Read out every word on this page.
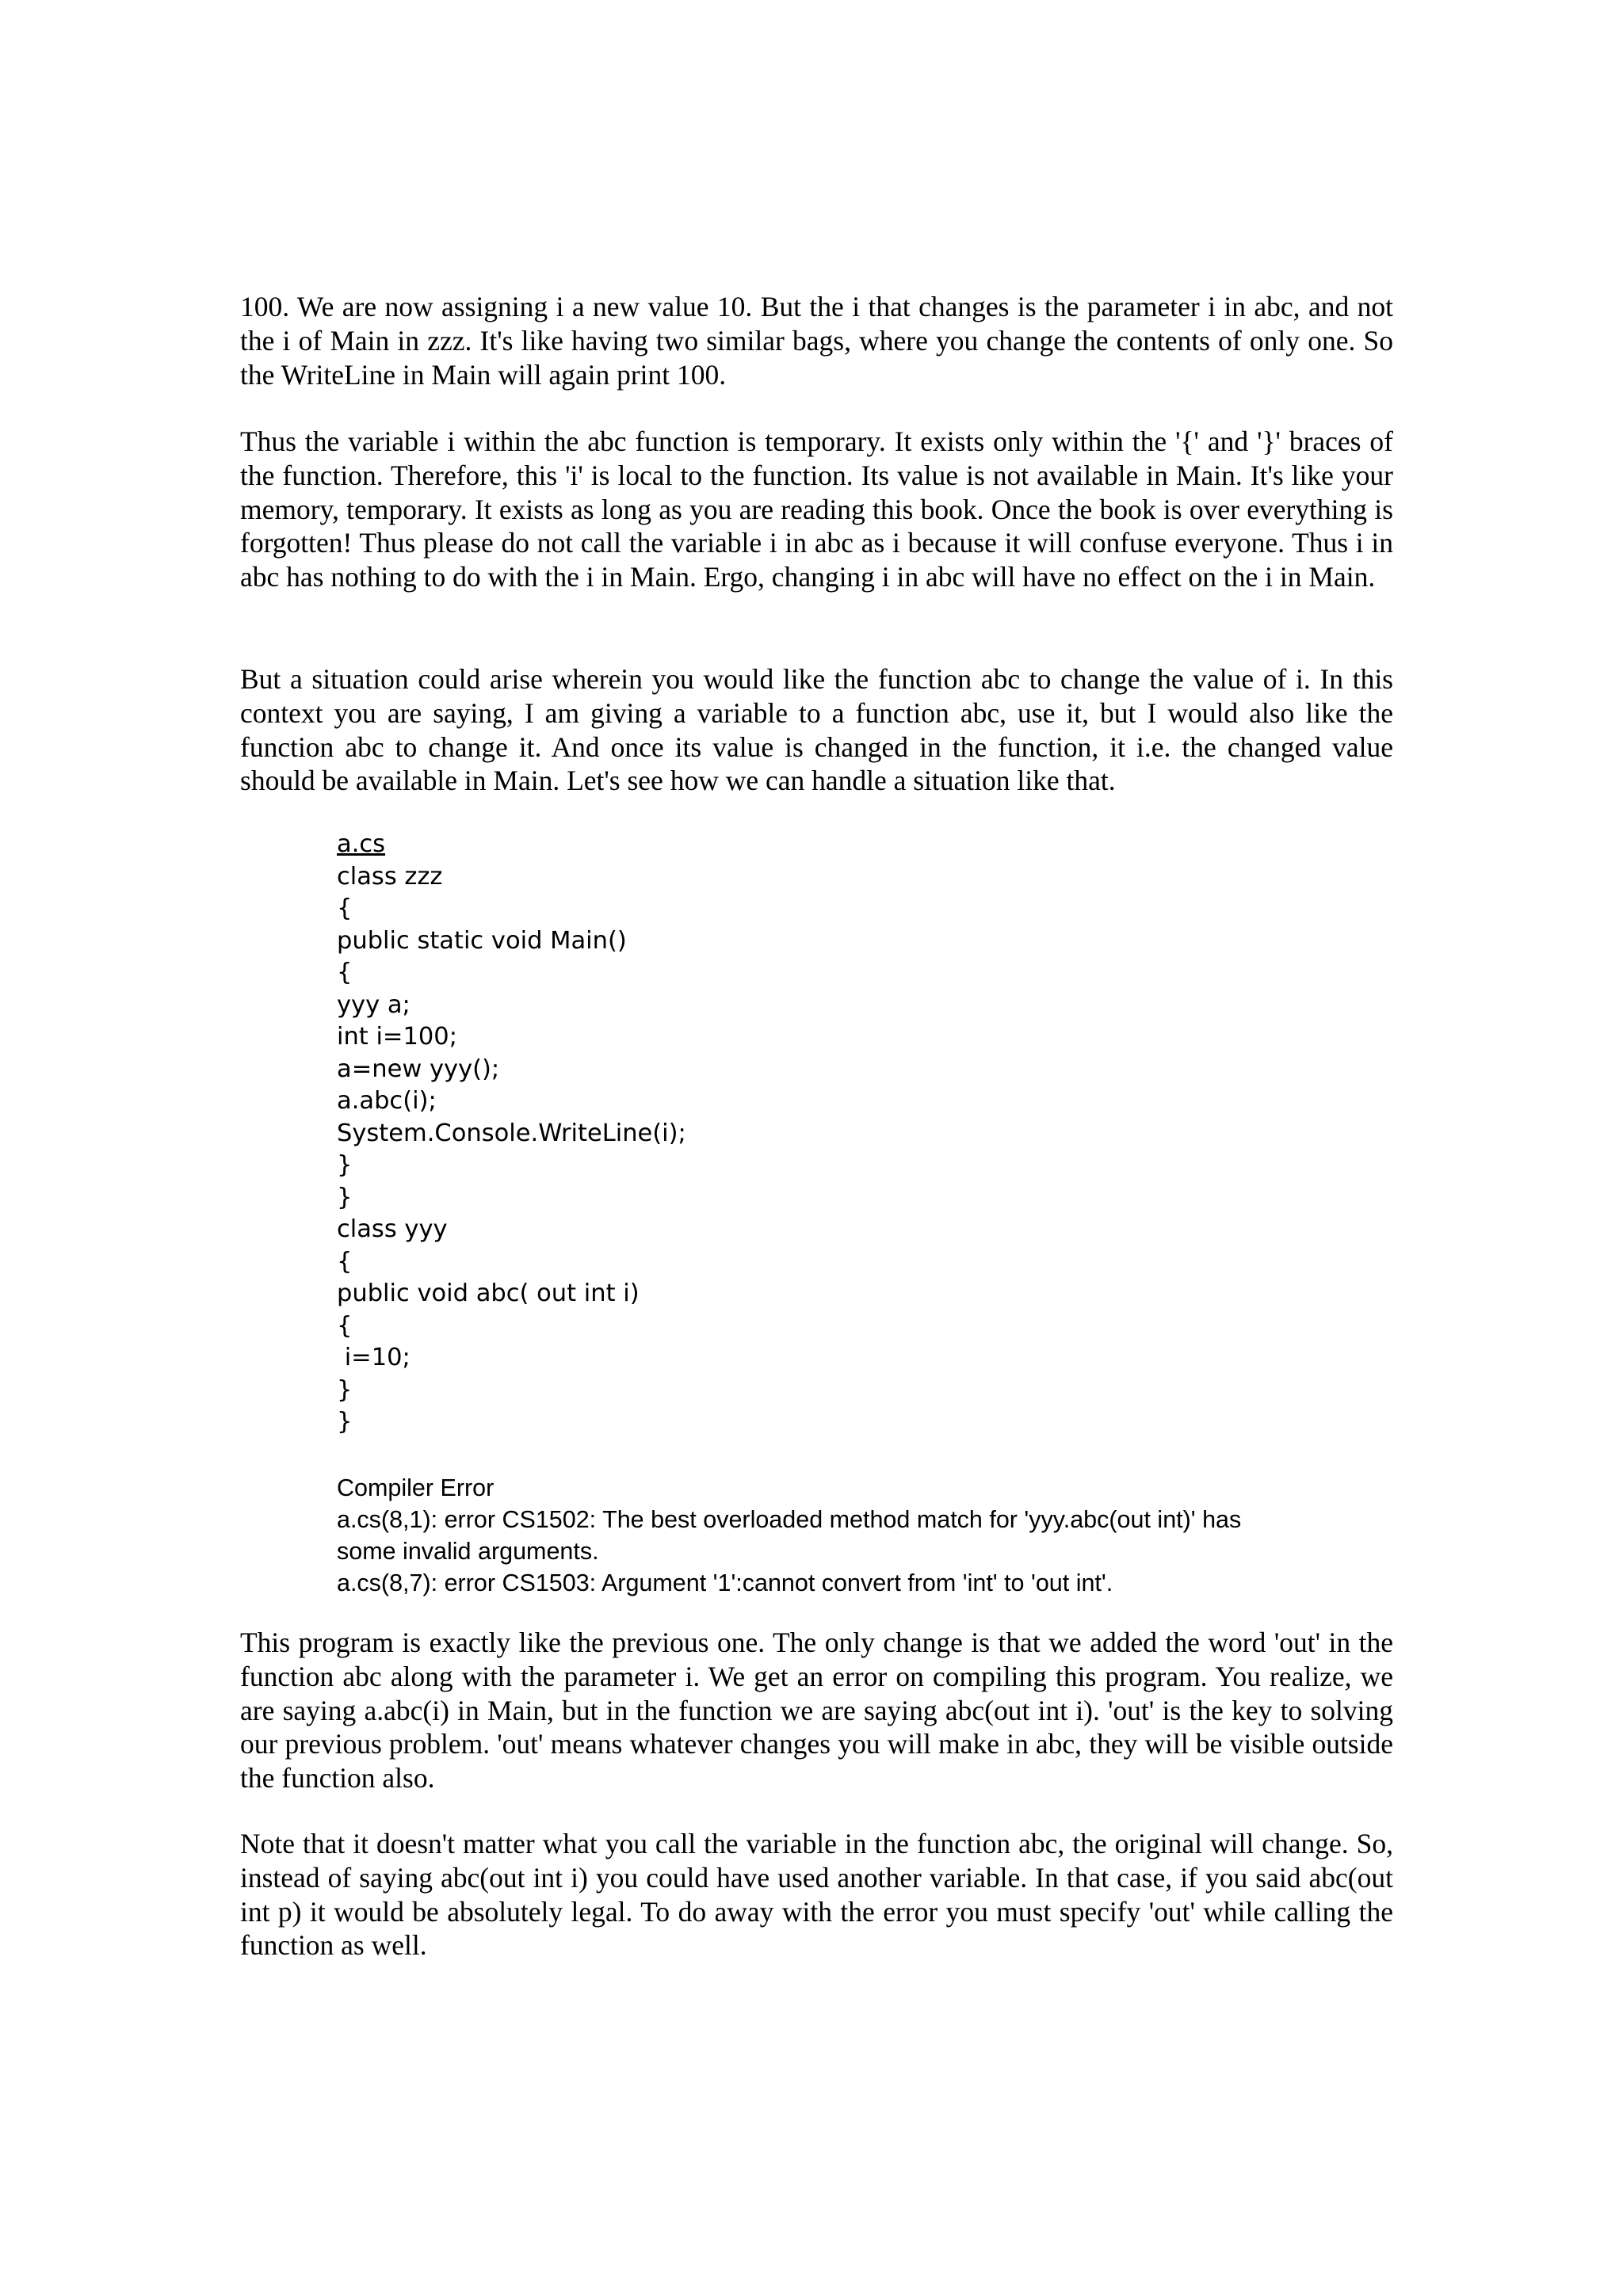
100. We are now assigning i a new value 10. But the i that changes is the parameter i in abc, and not the i of Main in zzz. It's like having two similar bags, where you change the contents of only one. So the WriteLine in Main will again print 100.

Thus the variable i within the abc function is temporary. It exists only within the '{' and '}' braces of the function. Therefore, this 'i' is local to the function. Its value is not available in Main. It's like your memory, temporary. It exists as long as you are reading this book. Once the book is over everything is forgotten! Thus please do not call the variable i in abc as i because it will confuse everyone. Thus i in abc has nothing to do with the i in Main. Ergo, changing i in abc will have no effect on the i in Main.

But a situation could arise wherein you would like the function abc to change the value of i. In this context you are saying, I am giving a variable to a function abc, use it, but I would also like the function abc to change it. And once its value is changed in the function, it i.e. the changed value should be available in Main. Let's see how we can handle a situation like that.

a.cs
class zzz
{
public static void Main()
{
yyy a;
int i=100;
a=new yyy();
a.abc(i);
System.Console.WriteLine(i);
}
}
class yyy
{
public void abc( out int i)
{
i=10;
}
}
Compiler Error
a.cs(8,1): error CS1502: The best overloaded method match for 'yyy.abc(out int)' has
some invalid arguments.
a.cs(8,7): error CS1503: Argument '1':cannot convert from 'int' to 'out int'.

This program is exactly like the previous one. The only change is that we added the word 'out' in the function abc along with the parameter i. We get an error on compiling this program. You realize, we are saying a.abc(i) in Main, but in the function we are saying abc(out int i). 'out' is the key to solving our previous problem. 'out' means whatever changes you will make in abc, they will be visible outside the function also.

Note that it doesn't matter what you call the variable in the function abc, the original will change. So, instead of saying abc(out int i) you could have used another variable. In that case, if you said abc(out int p) it would be absolutely legal. To do away with the error you must specify 'out' while calling the function as well.
